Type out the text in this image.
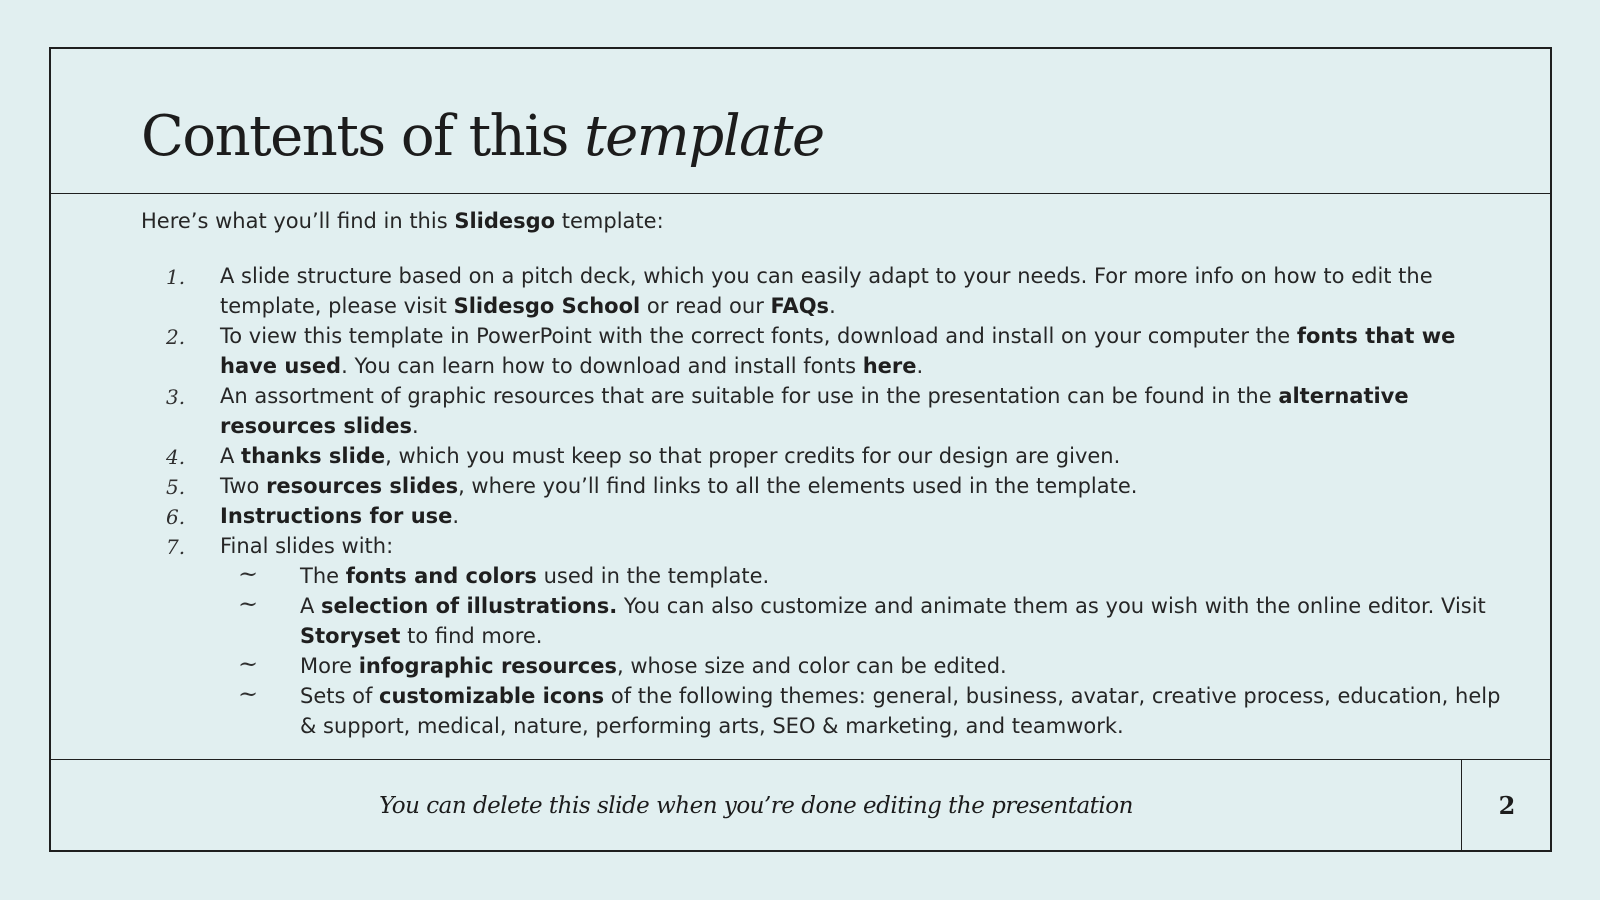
Contents of this template

Here’s what you’ll find in this Slidesgo template:

1. A slide structure based on a pitch deck, which you can easily adapt to your needs. For more info on how to edit the template, please visit Slidesgo School or read our FAQs.
2. To view this template in PowerPoint with the correct fonts, download and install on your computer the fonts that we have used. You can learn how to download and install fonts here.
3. An assortment of graphic resources that are suitable for use in the presentation can be found in the alternative resources slides.
4. A thanks slide, which you must keep so that proper credits for our design are given.
5. Two resources slides, where you’ll find links to all the elements used in the template.
6. Instructions for use.
7. Final slides with:
~ The fonts and colors used in the template.
~ A selection of illustrations. You can also customize and animate them as you wish with the online editor. Visit Storyset to find more.
~ More infographic resources, whose size and color can be edited.
~ Sets of customizable icons of the following themes: general, business, avatar, creative process, education, help & support, medical, nature, performing arts, SEO & marketing, and teamwork.
You can delete this slide when you’re done editing the presentation	2
